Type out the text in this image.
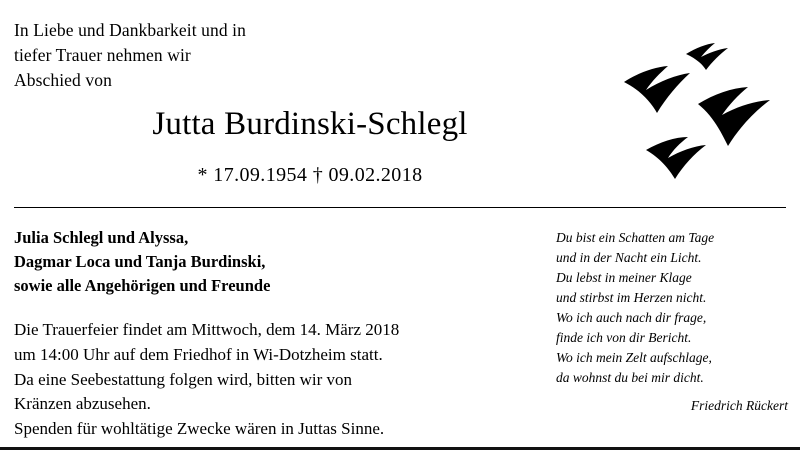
In Liebe und Dankbarkeit und in
tiefer Trauer nehmen wir
Abschied von
Jutta Burdinski-Schlegl
* 17.09.1954 † 09.02.2018
Julia Schlegl und Alyssa,
Dagmar Loca und Tanja Burdinski,
sowie alle Angehörigen und Freunde
Die Trauerfeier findet am Mittwoch, dem 14. März 2018
um 14:00 Uhr auf dem Friedhof in Wi-Dotzheim statt.
Da eine Seebestattung folgen wird, bitten wir von
Kränzen abzusehen.
Spenden für wohltätige Zwecke wären in Juttas Sinne.
Du bist ein Schatten am Tage
und in der Nacht ein Licht.
Du lebst in meiner Klage
und stirbst im Herzen nicht.
Wo ich auch nach dir frage,
finde ich von dir Bericht.
Wo ich mein Zelt aufschlage,
da wohnst du bei mir dicht.
Friedrich Rückert
